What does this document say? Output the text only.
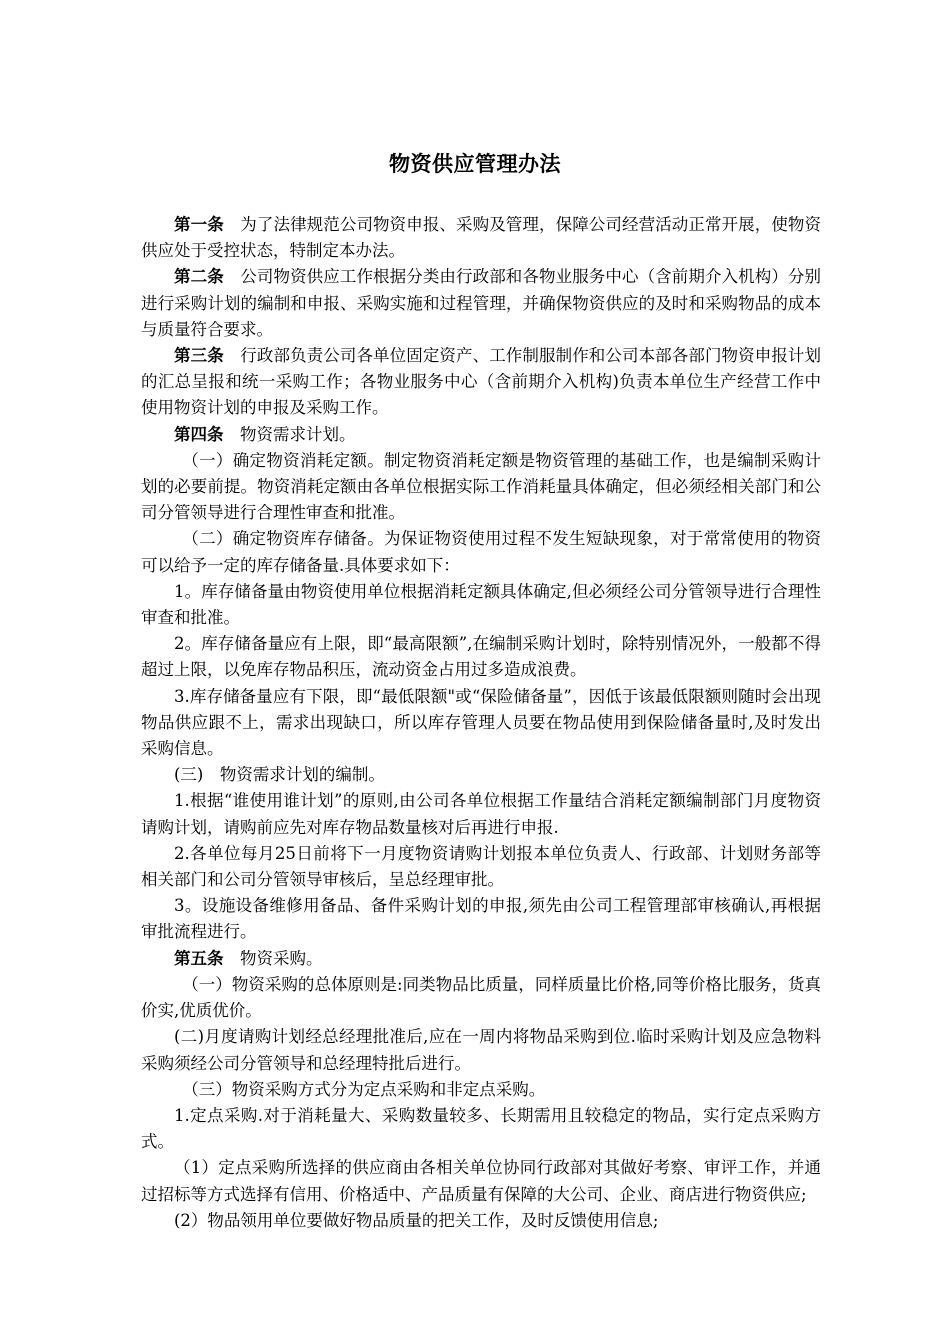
物资供应管理办法

第一条 为了法律规范公司物资申报、采购及管理，保障公司经营活动正常开展，使物资供应处于受控状态，特制定本办法。

第二条 公司物资供应工作根据分类由行政部和各物业服务中心（含前期介入机构）分别进行采购计划的编制和申报、采购实施和过程管理，并确保物资供应的及时和采购物品的成本与质量符合要求。

第三条 行政部负责公司各单位固定资产、工作制服制作和公司本部各部门物资申报计划的汇总呈报和统一采购工作；各物业服务中心（含前期介入机构)负责本单位生产经营工作中使用物资计划的申报及采购工作。

第四条 物资需求计划。

（一）确定物资消耗定额。制定物资消耗定额是物资管理的基础工作，也是编制采购计划的必要前提。物资消耗定额由各单位根据实际工作消耗量具体确定，但必须经相关部门和公司分管领导进行合理性审查和批准。

（二）确定物资库存储备。为保证物资使用过程不发生短缺现象，对于常常使用的物资可以给予一定的库存储备量.具体要求如下：

1。库存储备量由物资使用单位根据消耗定额具体确定,但必须经公司分管领导进行合理性审查和批准。

2。库存储备量应有上限，即“最高限额”,在编制采购计划时，除特别情况外，一般都不得超过上限，以免库存物品积压，流动资金占用过多造成浪费。

3.库存储备量应有下限，即“最低限额"或“保险储备量”，因低于该最低限额则随时会出现物品供应跟不上，需求出现缺口，所以库存管理人员要在物品使用到保险储备量时,及时发出采购信息。

(三)　物资需求计划的编制。

1.根据“谁使用谁计划”的原则,由公司各单位根据工作量结合消耗定额编制部门月度物资请购计划，请购前应先对库存物品数量核对后再进行申报.

2.各单位每月25日前将下一月度物资请购计划报本单位负责人、行政部、计划财务部等相关部门和公司分管领导审核后，呈总经理审批。

3。设施设备维修用备品、备件采购计划的申报,须先由公司工程管理部审核确认,再根据审批流程进行。

第五条 物资采购。

（一）物资采购的总体原则是:同类物品比质量，同样质量比价格,同等价格比服务，货真价实,优质优价。

(二)月度请购计划经总经理批准后,应在一周内将物品采购到位.临时采购计划及应急物料采购须经公司分管领导和总经理特批后进行。

（三）物资采购方式分为定点采购和非定点采购。

1.定点采购.对于消耗量大、采购数量较多、长期需用且较稳定的物品，实行定点采购方式。

（1）定点采购所选择的供应商由各相关单位协同行政部对其做好考察、审评工作，并通过招标等方式选择有信用、价格适中、产品质量有保障的大公司、企业、商店进行物资供应;

(2）物品领用单位要做好物品质量的把关工作，及时反馈使用信息;
